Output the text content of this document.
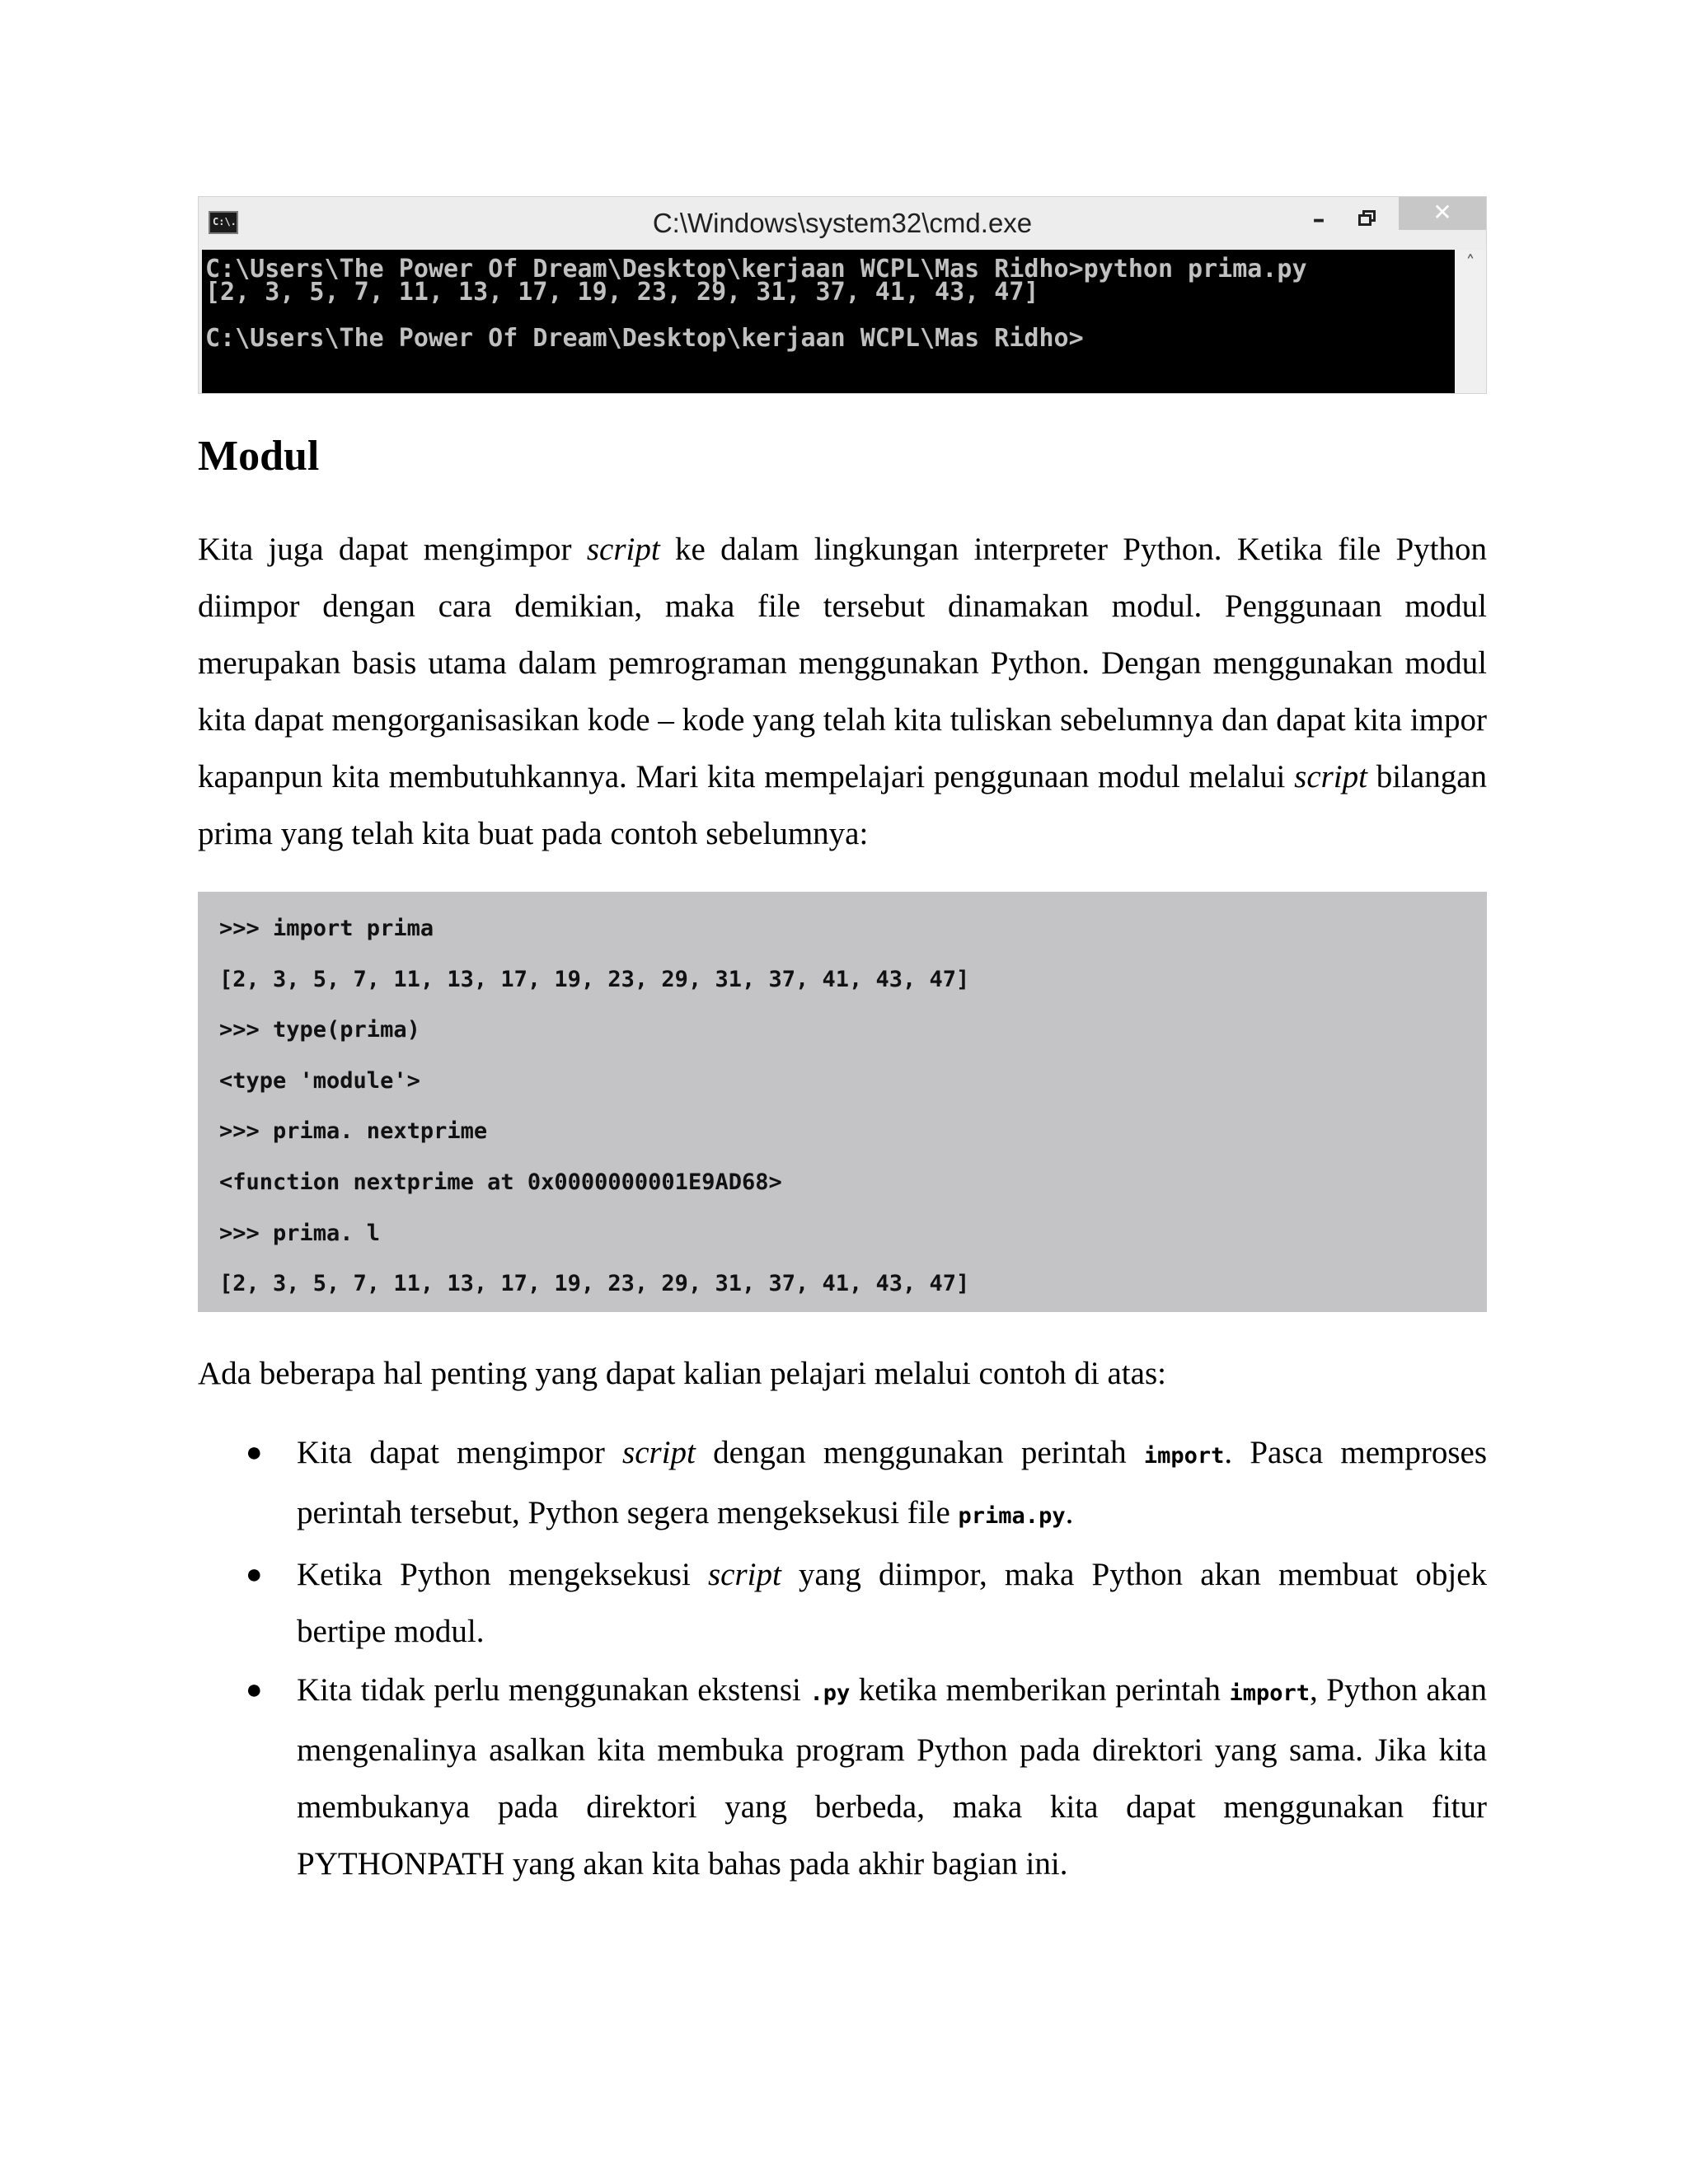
C:\.	C:\Windows\system32\cmd.exe	–	✕
C:\Users\The Power Of Dream\Desktop\kerjaan WCPL\Mas Ridho>python prima.py
[2, 3, 5, 7, 11, 13, 17, 19, 23, 29, 31, 37, 41, 43, 47]
C:\Users\The Power Of Dream\Desktop\kerjaan WCPL\Mas Ridho>
˄
Modul

Kita juga dapat mengimpor script ke dalam lingkungan interpreter Python. Ketika file Python diimpor dengan cara demikian, maka file tersebut dinamakan modul. Penggunaan modul merupakan basis utama dalam pemrograman menggunakan Python. Dengan menggunakan modul kita dapat mengorganisasikan kode – kode yang telah kita tuliskan sebelumnya dan dapat kita impor kapanpun kita membutuhkannya. Mari kita mempelajari penggunaan modul melalui script bilangan prima yang telah kita buat pada contoh sebelumnya:

>>> import prima
[2, 3, 5, 7, 11, 13, 17, 19, 23, 29, 31, 37, 41, 43, 47]
>>> type(prima)
<type 'module'>
>>> prima. nextprime
<function nextprime at 0x0000000001E9AD68>
>>> prima. l
[2, 3, 5, 7, 11, 13, 17, 19, 23, 29, 31, 37, 41, 43, 47]

Ada beberapa hal penting yang dapat kalian pelajari melalui contoh di atas:

● Kita dapat mengimpor script dengan menggunakan perintah import. Pasca memproses perintah tersebut, Python segera mengeksekusi file prima.py.
● Ketika Python mengeksekusi script yang diimpor, maka Python akan membuat objek bertipe modul.
● Kita tidak perlu menggunakan ekstensi .py ketika memberikan perintah import, Python akan mengenalinya asalkan kita membuka program Python pada direktori yang sama. Jika kita membukanya pada direktori yang berbeda, maka kita dapat menggunakan fitur PYTHONPATH yang akan kita bahas pada akhir bagian ini.
